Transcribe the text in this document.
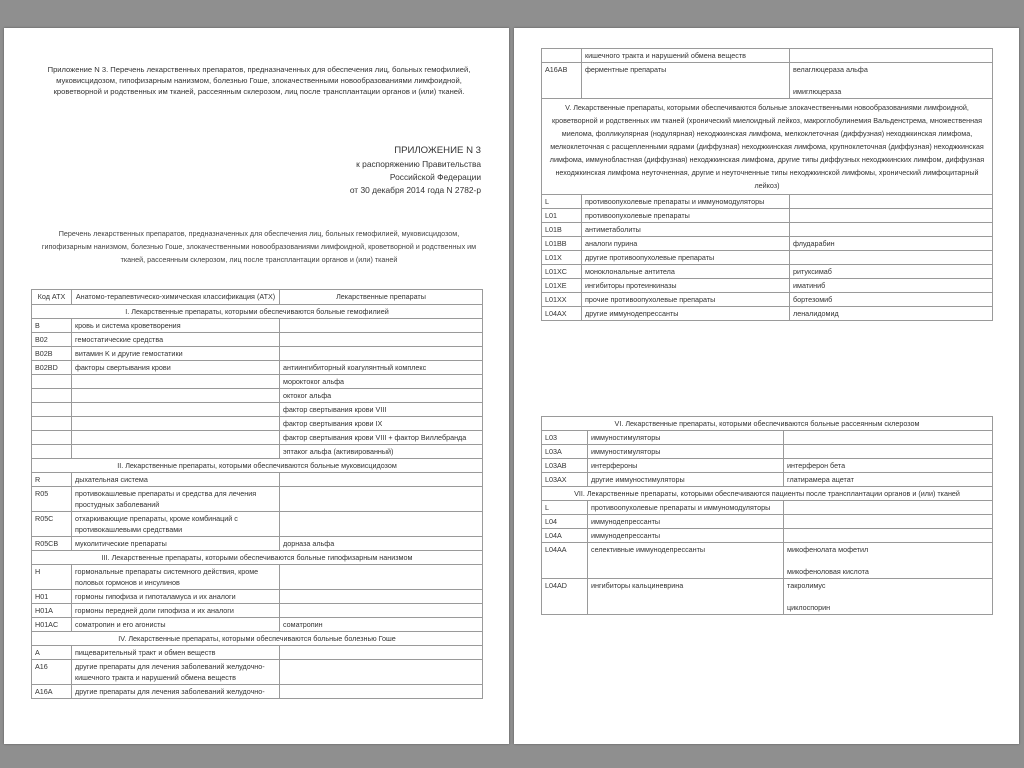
Приложение N 3. Перечень лекарственных препаратов, предназначенных для обеспечения лиц, больных гемофилией, муковисцидозом, гипофизарным нанизмом, болезнью Гоше, злокачественными новообразованиями лимфоидной, кроветворной и родственных им тканей, рассеянным склерозом, лиц после трансплантации органов и (или) тканей.
ПРИЛОЖЕНИЕ N 3
к распоряжению Правительства
Российской Федерации
от 30 декабря 2014 года N 2782-р
Перечень лекарственных препаратов, предназначенных для обеспечения лиц, больных гемофилией, муковисцидозом, гипофизарным нанизмом, болезнью Гоше, злокачественными новообразованиями лимфоидной, кроветворной и родственных им тканей, рассеянным склерозом, лиц после трансплантации органов и (или) тканей
Код АТХ	Анатомо-терапевтическо-химическая классификация (АТХ)	Лекарственные препараты
I. Лекарственные препараты, которыми обеспечиваются больные гемофилией		
B	кровь и система кроветворения	
B02	гемостатические средства	
B02B	витамин K и другие гемостатики	
B02BD	факторы свертывания крови	антиингибиторный коагулянтный комплекс
		мороктоког альфа
		октоког альфа
		фактор свертывания крови VIII
		фактор свертывания крови IX
		фактор свертывания крови VIII + фактор Виллебранда
		эптаког альфа (активированный)
II. Лекарственные препараты, которыми обеспечиваются больные муковисцидозом		
R	дыхательная система	
R05	противокашлевые препараты и средства для лечения простудных заболеваний	
R05C	отхаркивающие препараты, кроме комбинаций с противокашлевыми средствами	
R05CB	муколитические препараты	дорназа альфа
III. Лекарственные препараты, которыми обеспечиваются больные гипофизарным нанизмом		
H	гормональные препараты системного действия, кроме половых гормонов и инсулинов	
H01	гормоны гипофиза и гипоталамуса и их аналоги	
H01A	гормоны передней доли гипофиза и их аналоги	
H01AC	соматропин и его агонисты	соматропин
IV. Лекарственные препараты, которыми обеспечиваются больные болезнью Гоше		
A	пищеварительный тракт и обмен веществ	
A16	другие препараты для лечения заболеваний желудочно-кишечного тракта и нарушений обмена веществ	
A16A	другие препараты для лечения заболеваний желудочно-	
	кишечного тракта и нарушений обмена веществ	
A16AB	ферментные препараты	велаглюцераза альфа

имиглюцераза
V. Лекарственные препараты, которыми обеспечиваются больные злокачественными новообразованиями лимфоидной, кроветворной и родственных им тканей (хронический миелоидный лейкоз, макроглобулинемия Вальденстрема, множественная миелома, фолликулярная (нодулярная) неходжкинская лимфома, мелкоклеточная (диффузная) неходжкинская лимфома, мелкоклеточная с расщепленными ядрами (диффузная) неходжкинская лимфома, крупноклеточная (диффузная) неходжкинская лимфома, иммунобластная (диффузная) неходжкинская лимфома, другие типы диффузных неходжкинских лимфом, диффузная неходжкинская лимфома неуточненная, другие и неуточненные типы неходжкинской лимфомы, хронический лимфоцитарный лейкоз)		
L	противоопухолевые препараты и иммуномодуляторы	
L01	противоопухолевые препараты	
L01B	антиметаболиты	
L01BB	аналоги пурина	флударабин
L01X	другие противоопухолевые препараты	
L01XC	моноклональные антитела	ритуксимаб
L01XE	ингибиторы протеинкиназы	иматиниб
L01XX	прочие противоопухолевые препараты	бортезомиб
L04AX	другие иммунодепрессанты	леналидомид
VI. Лекарственные препараты, которыми обеспечиваются больные рассеянным склерозом		
L03	иммуностимуляторы	
L03A	иммуностимуляторы	
L03AB	интерфероны	интерферон бета
L03AX	другие иммуностимуляторы	глатирамера ацетат
VII. Лекарственные препараты, которыми обеспечиваются пациенты после трансплантации органов и (или) тканей		
L	противоопухолевые препараты и иммуномодуляторы	
L04	иммунодепрессанты	
L04A	иммунодепрессанты	
L04AA	селективные иммунодепрессанты	микофенолата мофетил

микофеноловая кислота
L04AD	ингибиторы кальциневрина	такролимус

циклоспорин
